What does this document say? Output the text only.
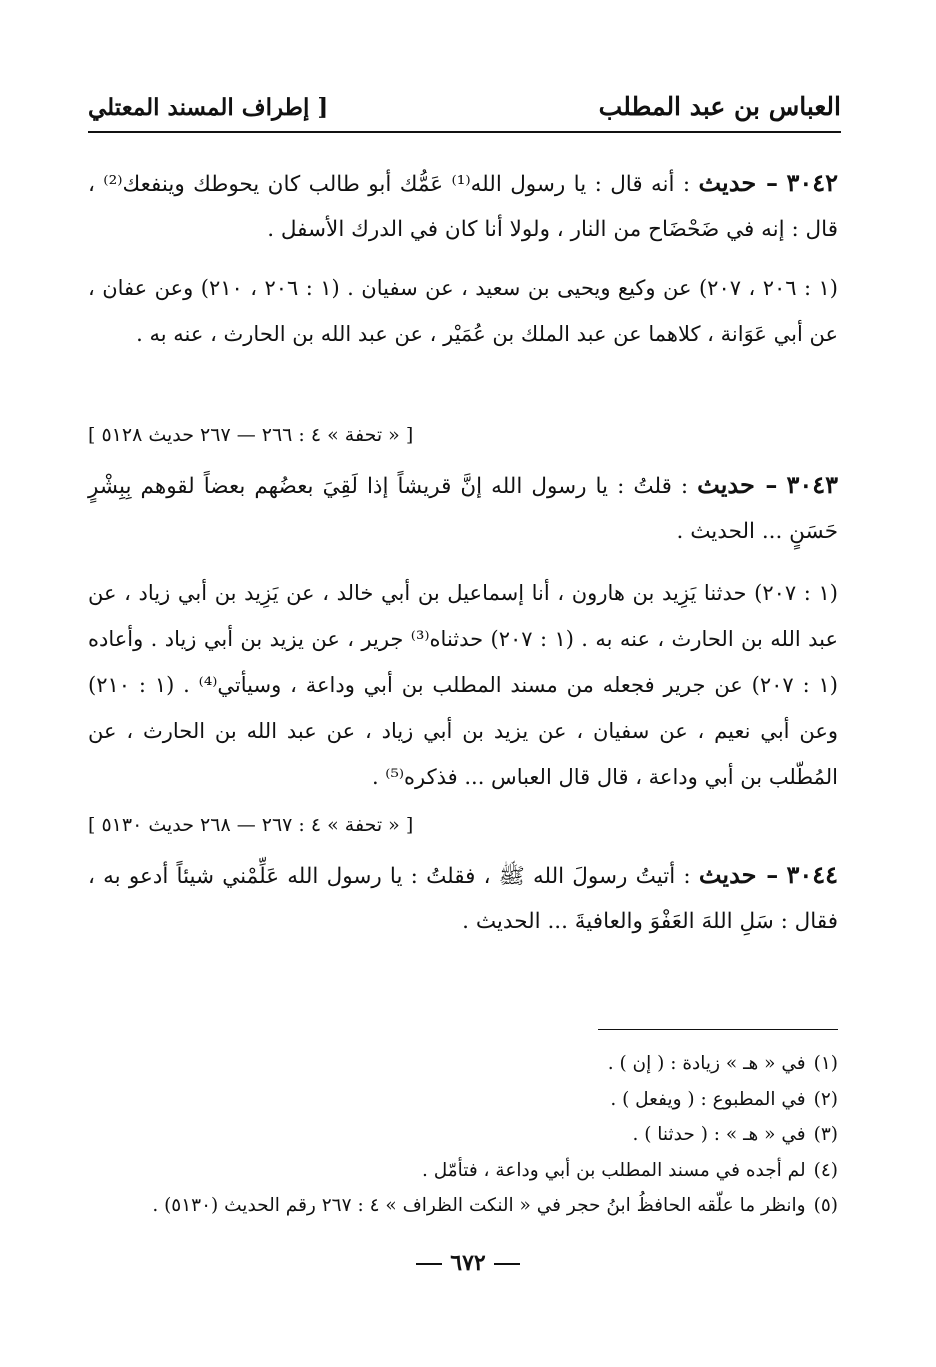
العباس بن عبد المطلب
[ إطراف المسند المعتلي
٣٠٤٢ – حديث : أنه قال : يا رسول الله⁽¹⁾ عَمُّك أبو طالب كان يحوطك وينفعك⁽²⁾ ، قال : إنه في ضَحْضَاح من النار ، ولولا أنا كان في الدرك الأسفل .
(١ : ٢٠٦ ، ٢٠٧) عن وكيع ويحيى بن سعيد ، عن سفيان . (١ : ٢٠٦ ، ٢١٠) وعن عفان ، عن أبي عَوَانة ، كلاهما عن عبد الملك بن عُمَيْر ، عن عبد الله بن الحارث ، عنه به .
[ « تحفة » ٤ : ٢٦٦ — ٢٦٧ حديث ٥١٢٨ ]
٣٠٤٣ – حديث : قلتُ : يا رسول الله إنَّ قريشاً إذا لَقِيَ بعضُهم بعضاً لقوهم بِبِشْرٍ حَسَنٍ ... الحديث .
(١ : ٢٠٧) حدثنا يَزِيد بن هارون ، أنا إسماعيل بن أبي خالد ، عن يَزِيد بن أبي زياد ، عن عبد الله بن الحارث ، عنه به . (١ : ٢٠٧) حدثناه⁽³⁾ جرير ، عن يزيد بن أبي زياد . وأعاده (١ : ٢٠٧) عن جرير فجعله من مسند المطلب بن أبي وداعة ، وسيأتي⁽⁴⁾ . (١ : ٢١٠) وعن أبي نعيم ، عن سفيان ، عن يزيد بن أبي زياد ، عن عبد الله بن الحارث ، عن المُطّلب بن أبي وداعة ، قال قال العباس ... فذكره⁽⁵⁾ .
[ « تحفة » ٤ : ٢٦٧ — ٢٦٨ حديث ٥١٣٠ ]
٣٠٤٤ – حديث : أتيتُ رسولَ الله ﷺ ، فقلتُ : يا رسول الله عَلِّمْني شيئاً أدعو به ، فقال : سَلِ اللهَ العَفْوَ والعافيةَ ... الحديث .
(١)في « هـ » زيادة : ( إن ) .
(٢)في المطبوع : ( ويفعل ) .
(٣)في « هـ » : ( حدثنا ) .
(٤)لم أجده في مسند المطلب بن أبي وداعة ، فتأمّل .
(٥)وانظر ما علّقه الحافظُ ابنُ حجر في « النكت الظراف » ٤ : ٢٦٧ رقم الحديث (٥١٣٠) .
٦٧٢
